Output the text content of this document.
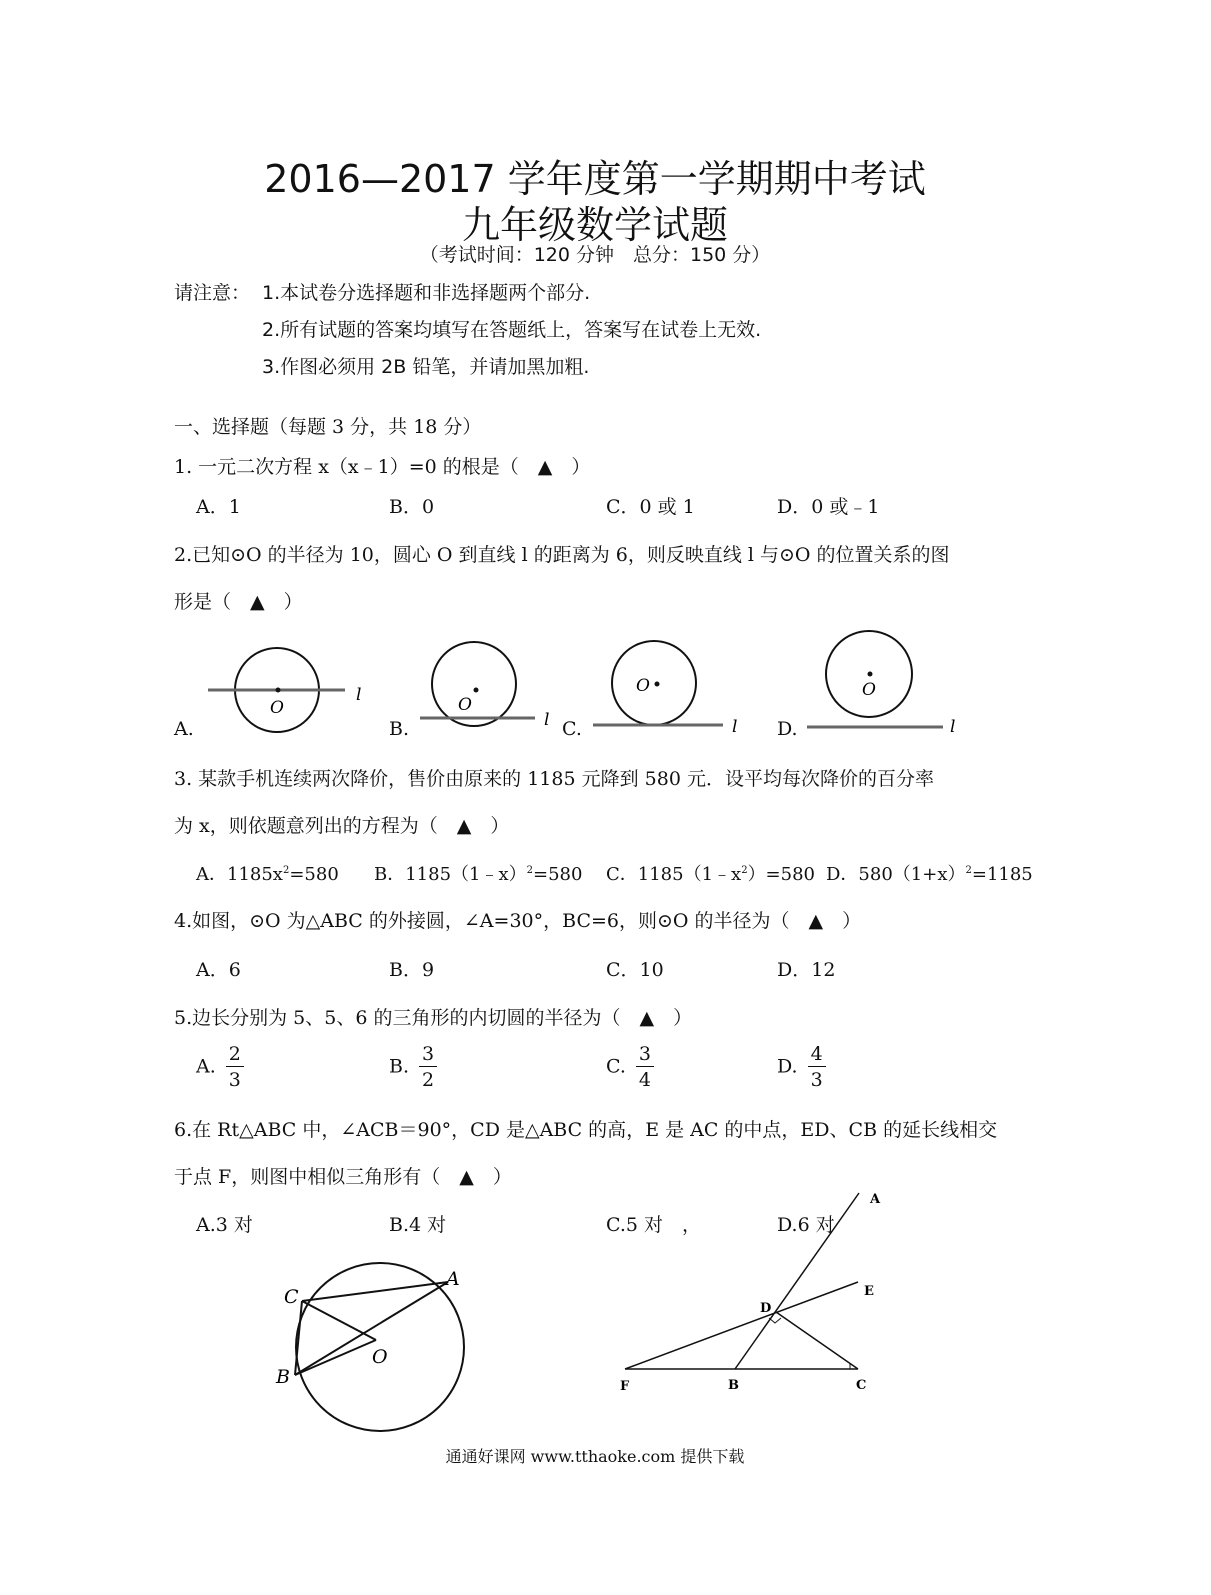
2016—2017 学年度第一学期期中考试
九年级数学试题
（考试时间：120 分钟　总分：150 分）
请注意： 1.本试卷分选择题和非选择题两个部分.
2.所有试题的答案均填写在答题纸上，答案写在试卷上无效.
3.作图必须用 2B 铅笔，并请加黑加粗.
一、选择题（每题 3 分，共 18 分）
1. 一元二次方程 x（x﹣1）=0 的根是（　▲　）
A．1	B．0	C．0 或 1	D．0 或﹣1
2.已知⊙O 的半径为 10，圆心 O 到直线 l 的距离为 6，则反映直线 l 与⊙O 的位置关系的图
形是（　▲　）
O
l	O
l
O
l
O
l
A.	B.	C.	D.
3. 某款手机连续两次降价，售价由原来的 1185 元降到 580 元．设平均每次降价的百分率
为 x，则依题意列出的方程为（　▲　）
A．$1185x^2=580$ B．1185（1﹣x）$^2$=580 C．$1185(1﹣x^2)=580$ D．$580(1+x)^2=1185$
4.如图，⊙O 为△ABC 的外接圆，∠A=30°，BC=6，则⊙O 的半径为（　▲　）
A．6	B．9	C．10	D．12
5.边长分别为 5、5、6 的三角形的内切圆的半径为（　▲　）
A. $\frac{2}{3}$	B. $\frac{3}{2}$	C. $\frac{3}{4}$	D. $\frac{4}{3}$
6.在 Rt△ABC 中，∠ACB＝90°，CD 是△ABC 的高，E 是 AC 的中点，ED、CB 的延长线相交
于点 F，则图中相似三角形有（　▲　）
A.3 对	B.4 对	C.5 对　，	D.6 对
C
A
B
O
A
E
D
F	B	C
通通好课网 www.tthaoke.com 提供下载
